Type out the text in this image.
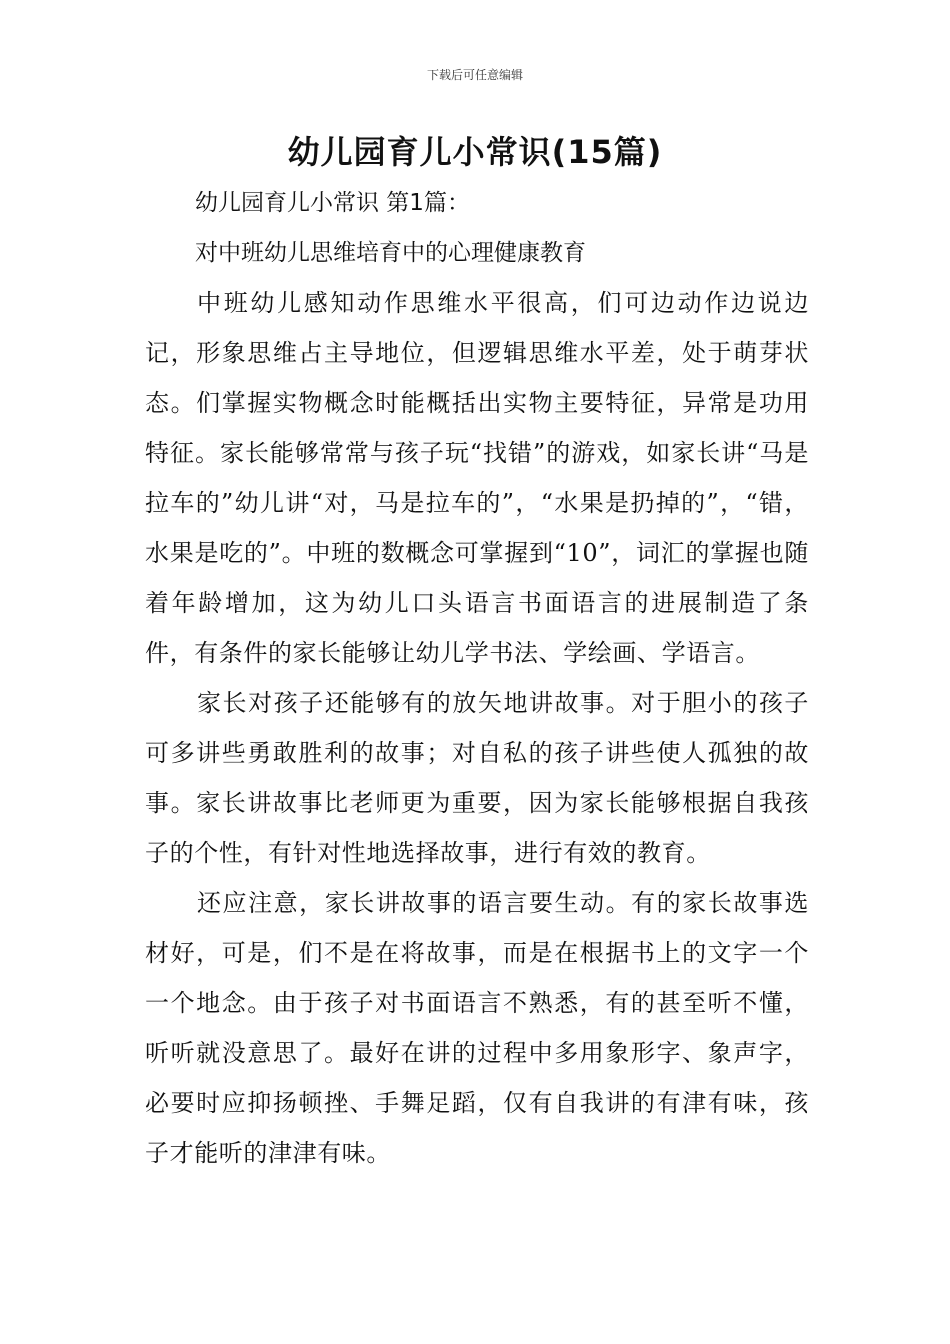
下载后可任意编辑
幼儿园育儿小常识(15篇)

幼儿园育儿小常识 第1篇：

对中班幼儿思维培育中的心理健康教育

中班幼儿感知动作思维水平很高，们可边动作边说边记，形象思维占主导地位，但逻辑思维水平差，处于萌芽状态。们掌握实物概念时能概括出实物主要特征，异常是功用特征。家长能够常常与孩子玩“找错”的游戏，如家长讲“马是拉车的”幼儿讲“对，马是拉车的”，“水果是扔掉的”，“错，水果是吃的”。中班的数概念可掌握到“10”，词汇的掌握也随着年龄增加，这为幼儿口头语言书面语言的进展制造了条件，有条件的家长能够让幼儿学书法、学绘画、学语言。

家长对孩子还能够有的放矢地讲故事。对于胆小的孩子可多讲些勇敢胜利的故事；对自私的孩子讲些使人孤独的故事。家长讲故事比老师更为重要，因为家长能够根据自我孩子的个性，有针对性地选择故事，进行有效的教育。

还应注意，家长讲故事的语言要生动。有的家长故事选材好，可是，们不是在将故事，而是在根据书上的文字一个一个地念。由于孩子对书面语言不熟悉，有的甚至听不懂，听听就没意思了。最好在讲的过程中多用象形字、象声字，必要时应抑扬顿挫、手舞足蹈，仅有自我讲的有津有味，孩子才能听的津津有味。
